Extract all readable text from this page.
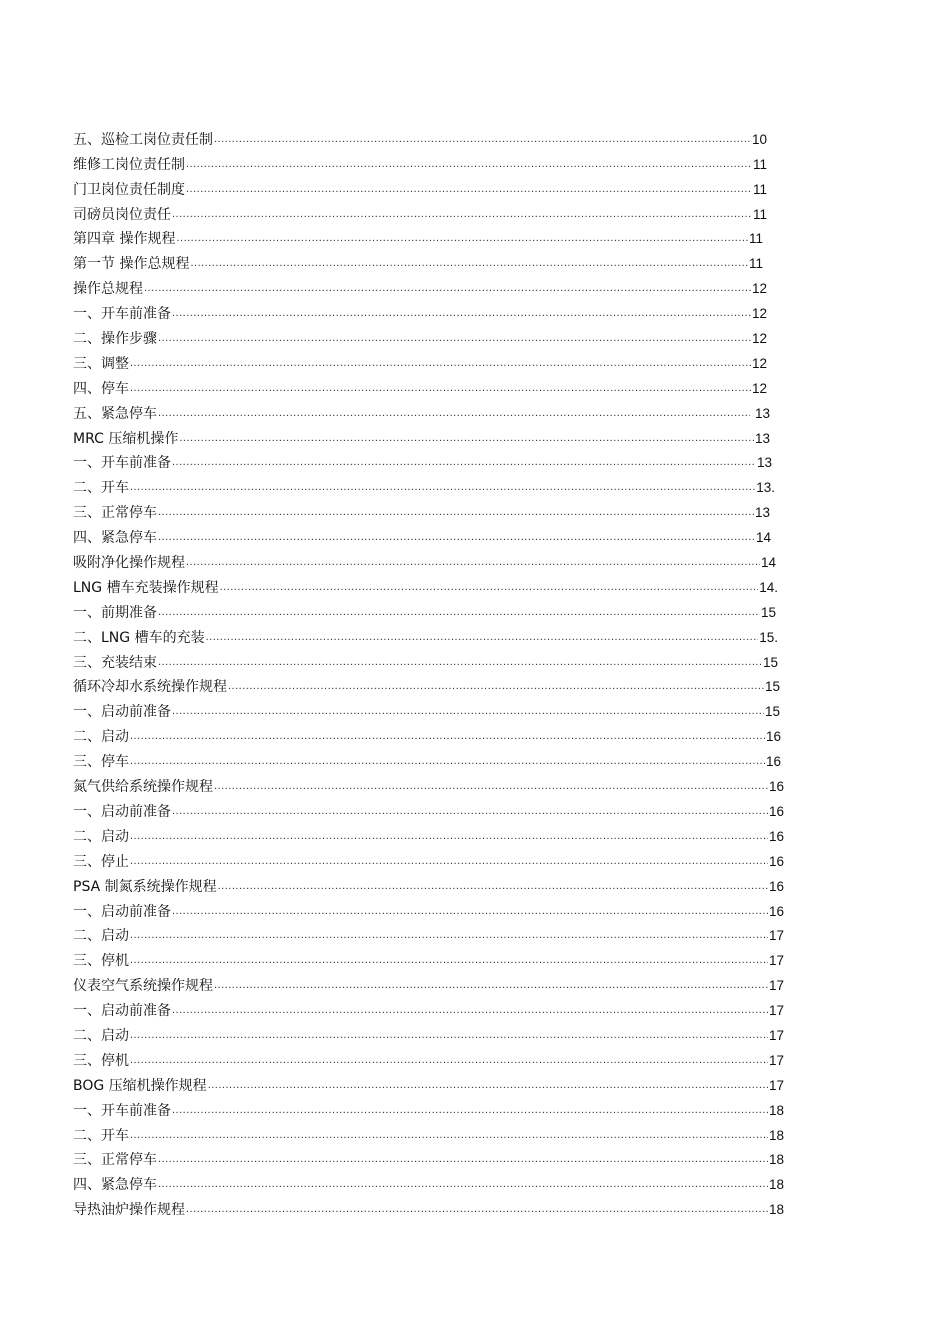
五、巡检工岗位责任制 .....	10
维修工岗位责任制 .....	11
门卫岗位责任制度 .....	11
司磅员岗位责任 .....	11
第四章 操作规程 .....	11
第一节 操作总规程 .....	11
操作总规程 .....	12
一、开车前准备 .....	12
二、操作步骤 .....	12
三、调整 .....	12
四、停车 .....	12
五、紧急停车 .....	13
MRC 压缩机操作 .....	13
一、开车前准备 .....	13
二、开车 .....	13.
三、正常停车 .....	13
四、紧急停车 .....	14
吸附净化操作规程 .....	14
LNG 槽车充装操作规程 .....	14.
一、前期准备 .....	15
二、LNG 槽车的充装 .....	15.
三、充装结束 .....	15
循环冷却水系统操作规程 .....	15
一、启动前准备 .....	15
二、启动 .....	16
三、停车 .....	16
氮气供给系统操作规程 .....	16
一、启动前准备 .....	16
二、启动 .....	16
三、停止 .....	16
PSA 制氮系统操作规程 .....	16
一、启动前准备 .....	16
二、启动 .....	17
三、停机 .....	17
仪表空气系统操作规程 .....	17
一、启动前准备 .....	17
二、启动 .....	17
三、停机 .....	17
BOG 压缩机操作规程 .....	17
一、开车前准备 .....	18
二、开车 .....	18
三、正常停车 .....	18
四、紧急停车 .....	18
导热油炉操作规程 .....	18
